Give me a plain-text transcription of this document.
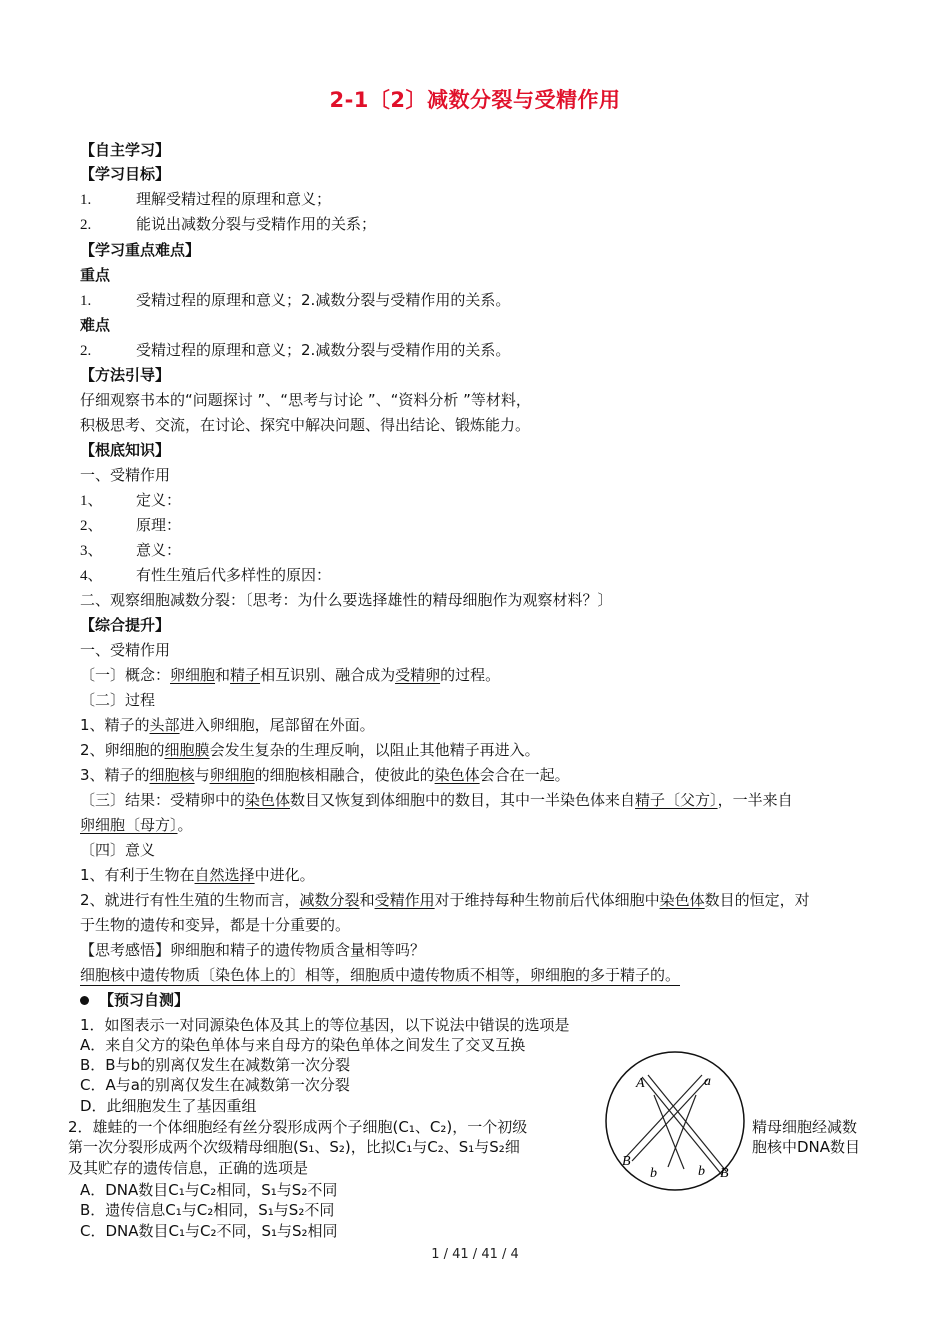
2-1〔2〕减数分裂与受精作用
【自主学习】
【学习目标】
1.	理解受精过程的原理和意义；
2.	能说出减数分裂与受精作用的关系；
【学习重点难点】
重点
1.	受精过程的原理和意义；2.减数分裂与受精作用的关系。
难点
2.	受精过程的原理和意义；2.减数分裂与受精作用的关系。
【方法引导】
仔细观察书本的“问题探讨 ”、“思考与讨论 ”、“资料分析 ”等材料，
积极思考、交流，在讨论、探究中解决问题、得出结论、锻炼能力。
【根底知识】
一、受精作用
1、 定义：
2、 原理：
3、 意义：
4、 有性生殖后代多样性的原因：
二、观察细胞减数分裂：〔思考：为什么要选择雄性的精母细胞作为观察材料？〕
【综合提升】
一、受精作用
〔一〕概念：卵细胞和精子相互识别、融合成为受精卵的过程。
〔二〕过程
1、精子的头部进入卵细胞，尾部留在外面。
2、卵细胞的细胞膜会发生复杂的生理反响，以阻止其他精子再进入。
3、精子的细胞核与卵细胞的细胞核相融合，使彼此的染色体会合在一起。
〔三〕结果：受精卵中的染色体数目又恢复到体细胞中的数目，其中一半染色体来自精子〔父方〕，一半来自
卵细胞〔母方〕。
〔四〕意义
1、有利于生物在自然选择中进化。
2、就进行有性生殖的生物而言，减数分裂和受精作用对于维持每种生物前后代体细胞中染色体数目的恒定，对
于生物的遗传和变异，都是十分重要的。
【思考感悟】卵细胞和精子的遗传物质含量相等吗？
细胞核中遗传物质〔染色体上的〕相等，细胞质中遗传物质不相等，卵细胞的多于精子的。
【预习自测】
1．如图表示一对同源染色体及其上的等位基因，以下说法中错误的选项是
A．来自父方的染色单体与来自母方的染色单体之间发生了交叉互换
B．B与b的别离仅发生在减数第一次分裂
C．A与a的别离仅发生在减数第一次分裂
D．此细胞发生了基因重组
2．雄蛙的一个体细胞经有丝分裂形成两个子细胞(C₁、C₂)，一个初级	精母细胞经减数
第一次分裂形成两个次级精母细胞(S₁、S₂)，比拟C₁与C₂、S₁与S₂细	胞核中DNA数目
及其贮存的遗传信息，正确的选项是
A．DNA数目C₁与C₂相同，S₁与S₂不同
B．遗传信息C₁与C₂相同，S₁与S₂不同
C．DNA数目C₁与C₂不同，S₁与S₂相同
A	a
B
b	b B
1 / 41 / 41 / 4
